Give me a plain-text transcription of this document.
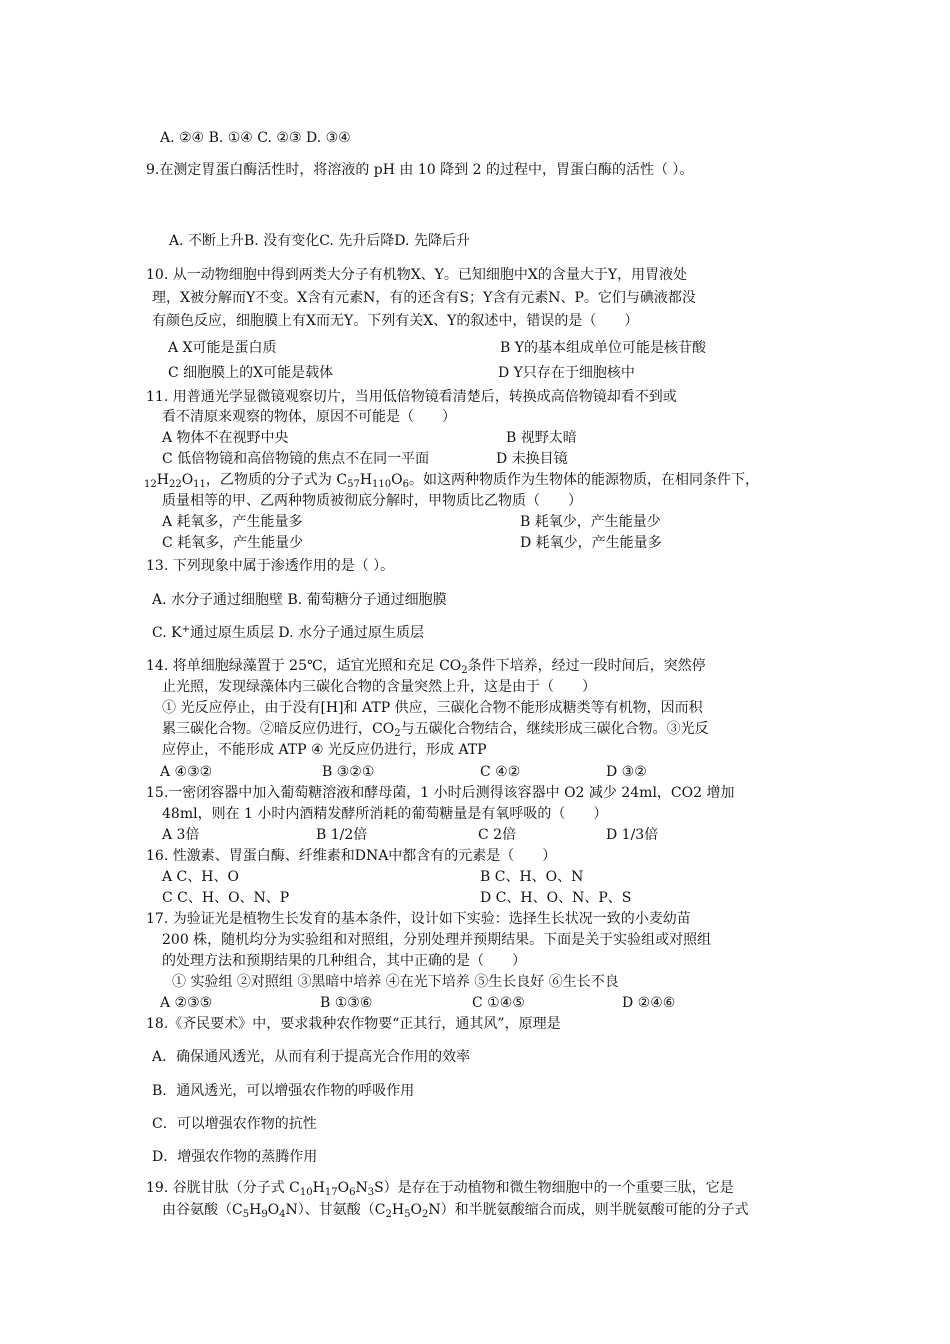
A. ②④ B. ①④ C. ②③ D. ③④
9.在测定胃蛋白酶活性时，将溶液的 pH 由 10 降到 2 的过程中，胃蛋白酶的活性（ ）。
A. 不断上升B. 没有变化C. 先升后降D. 先降后升
10. 从一动物细胞中得到两类大分子有机物X、Y。已知细胞中X的含量大于Y，用胃液处
理，X被分解而Y不变。X含有元素N，有的还含有S；Y含有元素N、P。它们与碘液都没
有颜色反应，细胞膜上有X而无Y。下列有关X、Y的叙述中，错误的是（　　）
A X可能是蛋白质	B Y的基本组成单位可能是核苷酸
C 细胞膜上的X可能是载体	D Y只存在于细胞核中
11. 用普通光学显微镜观察切片，当用低倍物镜看清楚后，转换成高倍物镜却看不到或
看不清原来观察的物体，原因不可能是（　　）
A 物体不在视野中央	B 视野太暗
C 低倍物镜和高倍物镜的焦点不在同一平面	D 未换目镜
$_{12}H_{22}O_{11}$，乙物质的分子式为 $C_{57}H_{110}O_6$。如这两种物质作为生物体的能源物质，在相同条件下，
质量相等的甲、乙两种物质被彻底分解时，甲物质比乙物质（　　）
A 耗氧多，产生能量多	B 耗氧少，产生能量少
C 耗氧多，产生能量少	D 耗氧少，产生能量多
13. 下列现象中属于渗透作用的是（ ）。
A. 水分子通过细胞壁 B. 葡萄糖分子通过细胞膜
C. K+通过原生质层 D. 水分子通过原生质层
14. 将单细胞绿藻置于 25℃，适宜光照和充足 $CO_2$条件下培养，经过一段时间后，突然停
止光照，发现绿藻体内三碳化合物的含量突然上升，这是由于（　　）
① 光反应停止，由于没有[H]和 ATP 供应，三碳化合物不能形成糖类等有机物，因而积
累三碳化合物。②暗反应仍进行，$CO_2$与五碳化合物结合，继续形成三碳化合物。③光反
应停止，不能形成 ATP ④ 光反应仍进行，形成 ATP
A ④③②	B ③②①	C ④②	D ③②
15.一密闭容器中加入葡萄糖溶液和酵母菌，1 小时后测得该容器中 O2 减少 24ml，CO2 增加
48ml，则在 1 小时内酒精发酵所消耗的葡萄糖量是有氧呼吸的（　　）
A 3倍	B 1/2倍	C 2倍	D 1/3倍
16. 性激素、胃蛋白酶、纤维素和DNA中都含有的元素是（　　）
A C、H、O	B C、H、O、N
C C、H、O、N、P	D C、H、O、N、P、S
17. 为验证光是植物生长发育的基本条件，设计如下实验：选择生长状况一致的小麦幼苗
200 株，随机均分为实验组和对照组，分别处理并预期结果。下面是关于实验组或对照组
的处理方法和预期结果的几种组合，其中正确的是（　　）
① 实验组 ②对照组 ③黑暗中培养 ④在光下培养 ⑤生长良好 ⑥生长不良
A ②③⑤	B ①③⑥	C ①④⑤	D ②④⑥
18.《齐民要术》中，要求栽种农作物要“正其行，通其风”，原理是
A．确保通风透光，从而有利于提高光合作用的效率
B．通风透光，可以增强农作物的呼吸作用
C．可以增强农作物的抗性
D．增强农作物的蒸腾作用
19. 谷胱甘肽（分子式 $C_{10}H_{17}O_6N_3S$）是存在于动植物和微生物细胞中的一个重要三肽，它是
由谷氨酸$(C_5H_9O_4N)$、甘氨酸$(C_2H_5O_2N)$和半胱氨酸缩合而成，则半胱氨酸可能的分子式
